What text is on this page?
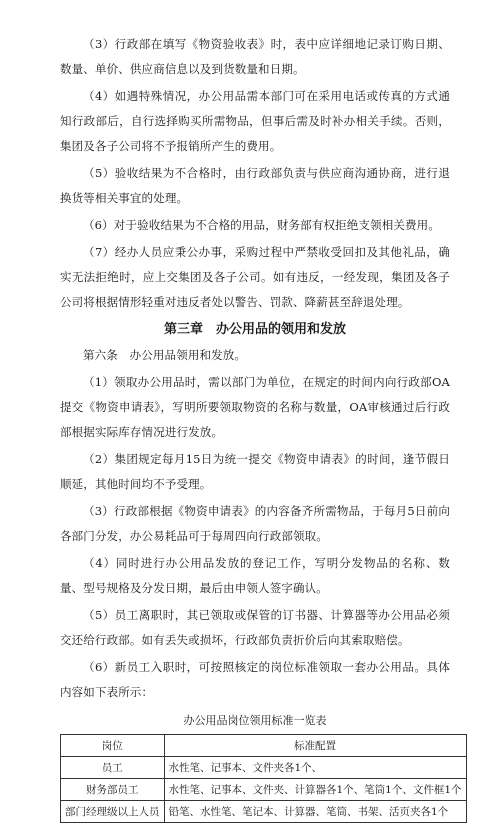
（3）行政部在填写《物资验收表》时，表中应详细地记录订购日期、数量、单价、供应商信息以及到货数量和日期。

（4）如遇特殊情况，办公用品需本部门可在采用电话或传真的方式通知行政部后，自行选择购买所需物品，但事后需及时补办相关手续。否则，集团及各子公司将不予报销所产生的费用。

（5）验收结果为不合格时，由行政部负责与供应商沟通协商，进行退换货等相关事宜的处理。

（6）对于验收结果为不合格的用品，财务部有权拒绝支领相关费用。

（7）经办人员应秉公办事，采购过程中严禁收受回扣及其他礼品，确实无法拒绝时，应上交集团及各子公司。如有违反，一经发现，集团及各子公司将根据情形轻重对违反者处以警告、罚款、降薪甚至辞退处理。

第三章　办公用品的领用和发放

第六条　办公用品领用和发放。

（1）领取办公用品时，需以部门为单位，在规定的时间内向行政部OA提交《物资申请表》，写明所要领取物资的名称与数量，OA审核通过后行政部根据实际库存情况进行发放。

（2）集团规定每月15日为统一提交《物资申请表》的时间，逢节假日顺延，其他时间均不予受理。

（3）行政部根据《物资申请表》的内容备齐所需物品，于每月5日前向各部门分发，办公易耗品可于每周四向行政部领取。

（4）同时进行办公用品发放的登记工作，写明分发物品的名称、数量、型号规格及分发日期，最后由申领人签字确认。

（5）员工离职时，其已领取或保管的订书器、计算器等办公用品必须交还给行政部。如有丢失或损坏，行政部负责折价后向其索取赔偿。

（6）新员工入职时，可按照核定的岗位标准领取一套办公用品。具体内容如下表所示：

办公用品岗位领用标准一览表
岗位	标准配置
员工	水性笔、记事本、文件夹各1个、
财务部员工	水性笔、记事本、文件夹、计算器各1个、笔筒1个、文件框1个
部门经理级以上人员	铅笔、水性笔、笔记本、计算器、笔筒、书架、活页夹各1个
